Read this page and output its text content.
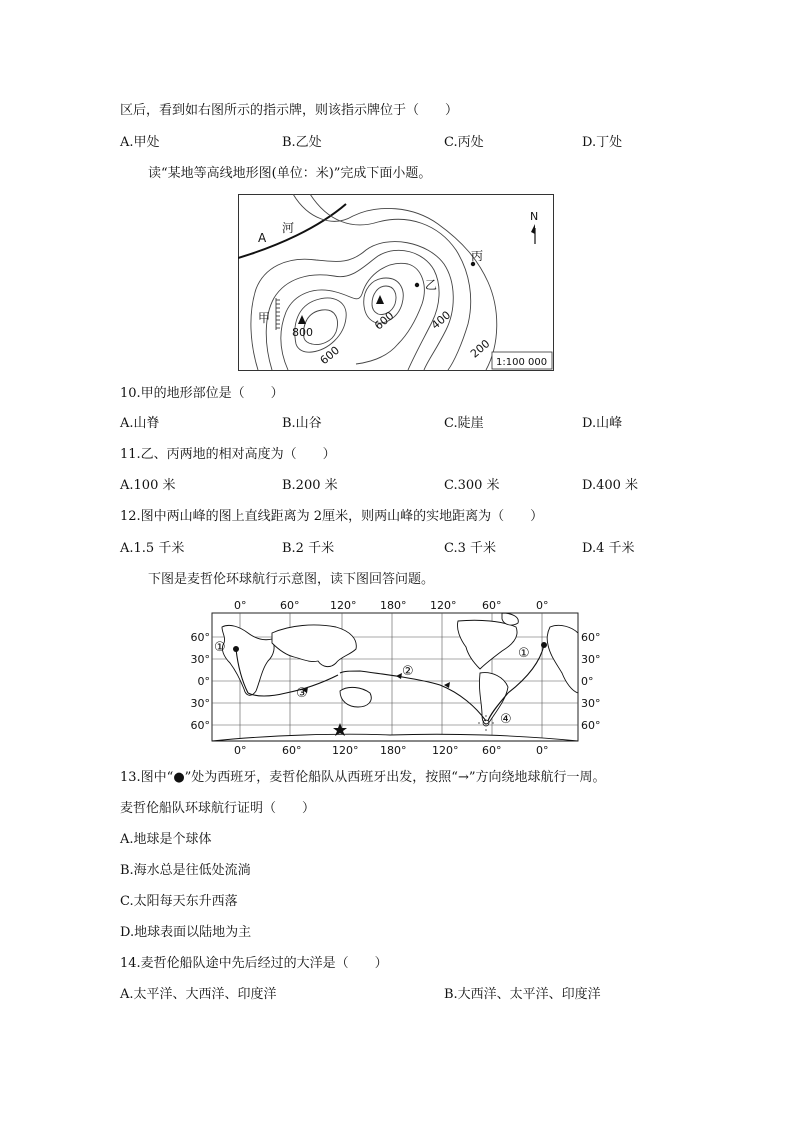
区后，看到如右图所示的指示牌，则该指示牌位于（　　）
A.甲处	B.乙处	C.丙处	D.丁处
读“某地等高线地形图(单位：米)”完成下面小题。
N
A
河
甲
乙
丙
800
600
600	400
200
1:100 000
10.甲的地形部位是（　　）
A.山脊	B.山谷	C.陡崖	D.山峰
11.乙、丙两地的相对高度为（　　）
A.100 米	B.200 米	C.300 米	D.400 米
12.图中两山峰的图上直线距离为 2厘米，则两山峰的实地距离为（　　）
A.1.5 千米	B.2 千米	C.3 千米	D.4 千米
下图是麦哲伦环球航行示意图，读下图回答问题。
①
②
③
①
④
0°	60°	120° 180° 120° 60°	0°
0°	60°	120° 180° 120° 60°	0°
60°
30°
0°
30°
60°
60°
30°
0°
30°
60°
13.图中“●”处为西班牙，麦哲伦船队从西班牙出发，按照“→”方向绕地球航行一周。
麦哲伦船队环球航行证明（　　）
A.地球是个球体
B.海水总是往低处流淌
C.太阳每天东升西落
D.地球表面以陆地为主
14.麦哲伦船队途中先后经过的大洋是（　　）
A.太平洋、大西洋、印度洋	B.大西洋、太平洋、印度洋
